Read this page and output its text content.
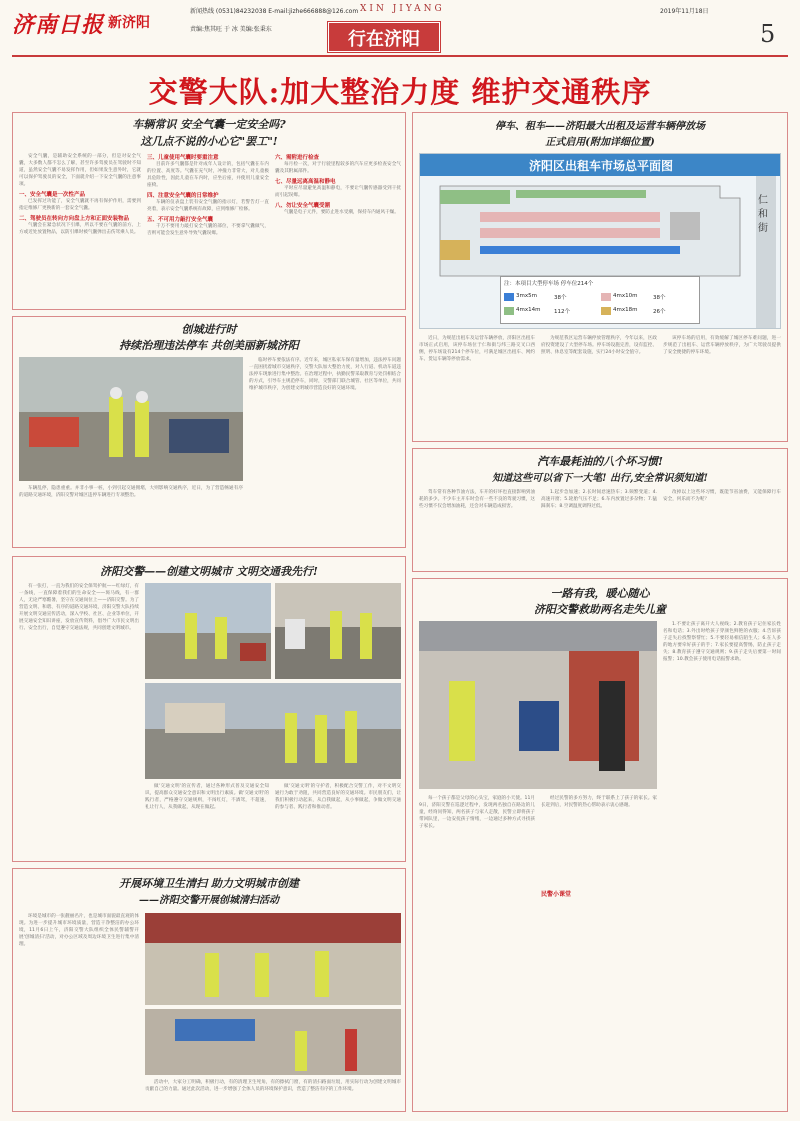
济南日报 新济阳
新闻热线 (0531)84232038 E-mail:jizhe666888@126.com
责编:焦其旺 于 冰 美编:张秉东
XIN JIYANG
行在济阳
2019年11月18日
5
交警大队:加大整治力度 维护交通秩序
车辆常识 安全气囊一定安全吗?
这几点不说的小心它"罢工"!

安全气囊，是辅助安全系统的一部分，但是对安全气囊，大多数人都不怎么了解，甚至许多驾驶员在驾驶时不知道，虽然安全气囊不易发挥作用，但如果发生意外时，它就可以保护驾驶员的安全，下面就介绍一下安全气囊的注意事项。

一、安全气囊是一次性产品

已发挥过功能了，安全气囊就不再有保护作用，需要到指定维修厂更换新的一套安全气囊。

二、驾驶员在转向方向盘上方和正面安装物品

气囊会在紧急状况下引爆，所以不要在气囊的前方、上方或近处放置物品，以防引爆时被气囊弹出击伤驾乘人员。

三、儿童使用气囊时要重注意

目前许多气囊都是针对成年人设计的，包括气囊在车内的位置、高度等。气囊在充气时，冲撞力非常大，对儿童极具危险性，因此儿童在车内时，应坐后座，并使用儿童安全座椅。

四、注意安全气囊的日常维护

车辆的仪表盘上装有安全气囊的指示灯，若警告灯一直亮着，表示安全气囊系统有故障，应到维修厂检修。

五、不可用力敲打安全气囊

千万不要用力敲打安全气囊的部位，不要拿气囊做气，否则可能会发生意外导致气囊误爆。

六、需附进行检查

每月检一次，对于行驶里程较多的汽车应更多检查安全气囊及其附属部件。

七、尽量远离高温和静电

平时应尽量避免高温和静电，不要让气囊传感器受到干扰而引起误爆。

八、勿让安全气囊受潮

气囊是电子元件，要防止进水受潮，保持车内通风干燥。

创城进行时
持续治理违法停车 共创美丽新城济阳
车辆乱停，隐患重重。并非小事一桩，小到引起交通拥堵，大则影响交通秩序，近日，为了营造畅通有序的道路交通环境，济阳交警对城区违停车辆进行专项整治。
临时停车要依法有序。近年来，城区私家车保有量增加，违法停车问题一直困扰着城市交通秩序，交警大队加大整治力度，对人行道、机动车道违法停车现象进行集中整治。在治理过程中，执勤民警采取教育与处罚相结合的方式，引导车主规范停车，同时，交警部门联合城管、社区等单位，共同维护城市秩序，为创建文明城市营造良好的交通环境。
济阳交警——创建文明城市 文明交通我先行!
有一张打，一直为我们的安全保驾护航——红绿灯，有一条线，一直保障着我们的生命安全——斑马线，有一群人，无论严寒酷暑，坚守在交通岗位上——济阳交警。为了营造文明、和谐、有序的道路交通环境，济阳交警大队持续开展文明交通宣传活动，深入学校、社区、企业等单位，开展交通安全知识讲座，发放宣传资料，倡导广大市民文明出行、安全出行，自觉遵守交通法规，共同创建文明城市。
做'交通文明'的宣传者，通过各种形式普及交通安全知识，提高群众交通安全意识和文明出行素质。做'交通文明'的践行者，严格遵守交通规则，不闯红灯，不酒驾，不超速，礼让行人，从我做起，从现在做起。
做'交通文明'的守护者，积极配合交警工作，对不文明交通行为敢于劝阻，共同营造良好的交通环境。市民朋友们，让我们积极行动起来，从自我做起，从小事做起，争做文明交通的参与者、践行者和推动者。
开展环境卫生清扫 助力文明城市创建
——济阳交警开展创城清扫活动
环境是城市的一张靓丽名片，也是城市面貌最直观的体现。为进一步提升城市环境质量，营造干净整洁的办公环境，11月6日上午，济阳交警大队组织全体民警辅警开展'创城清扫'活动，对办公区域及周边环境卫生进行集中清理。
活动中，大家分工明确，积极行动，有的清理卫生死角，有的擦拭门窗，有的清扫路面垃圾，用实际行动为创建文明城市贡献自己的力量。通过此次活动，进一步增强了全体人员的环境保护意识，营造了整洁有序的工作环境。
停车、租车——济阳最大出租及运营车辆停放场
正式启用(附加详细位置)
济阳区出租车市场总平面图
仁和街
注：本项目大型停车场 停车位214个
3mx5m	38个	4mx10m	38个
4mx14m 112个	4mx18m	26个
近日，为规范出租车及运营车辆停放，济阳区出租车市场正式启用，该停车场位于仁和街与纬三路交叉口西侧，停车场设有214个停车位，可满足城区出租车、网约车、货运车辆等停放需求。
为规范我区运营车辆停放管理秩序，今年以来，区政府投资建设了大型停车场。停车场设施完善，设有监控、照明、休息室等配套设施，实行24小时安全值守。
该停车场的启用，有效缓解了城区停车难问题，进一步规范了出租车、运营车辆停放秩序，为广大驾驶员提供了安全便捷的停车环境。
汽车最耗油的八个坏习惯!
知道这些可以省下一大笔! 出行,安全常识须知道!
驾车常有各种节油方法，车开的好坏也直接影响到油耗的多少。不少车主开车时会有一些不良的驾驶习惯，这些习惯不仅会增加油耗，还会对车辆造成损害。
1.起步急加速；2.长时间怠速热车；3.频繁变道；4.高速开窗；5.轮胎气压不足；6.车内放置过多杂物；7.猛踩刹车；8.空调温度调得过低。
改掉以上这些坏习惯，既能节省油费，又能保障行车安全，何乐而不为呢？
一路有我，暖心随心
济阳交警救助两名走失儿童
每一个孩子都是父母的心头宝，家庭的小天使。11月9日，济阳交警在巡逻过程中，发现两名独自在路边的儿童，经询问得知，两名孩子与家人走散，民警立即将孩子带回队里，一边安抚孩子情绪，一边通过多种方式寻找孩子家长。
经过民警的多方努力，终于联系上了孩子的家长。家长赶到后，对民警的热心帮助表示衷心感谢。
民警小课堂
1.不要让孩子离开大人视线；2.教育孩子记住家长姓名和电话；3.外出时给孩子穿颜色鲜艳的衣服；4.告诉孩子走失后找警察帮忙；5.不要轻易相信陌生人；6.在人多的地方要牵好孩子的手；7.家长要提高警惕，防止孩子走失；8.教育孩子遵守交通规则；9.孩子走失后要第一时间报警；10.教会孩子使用电话报警求助。
